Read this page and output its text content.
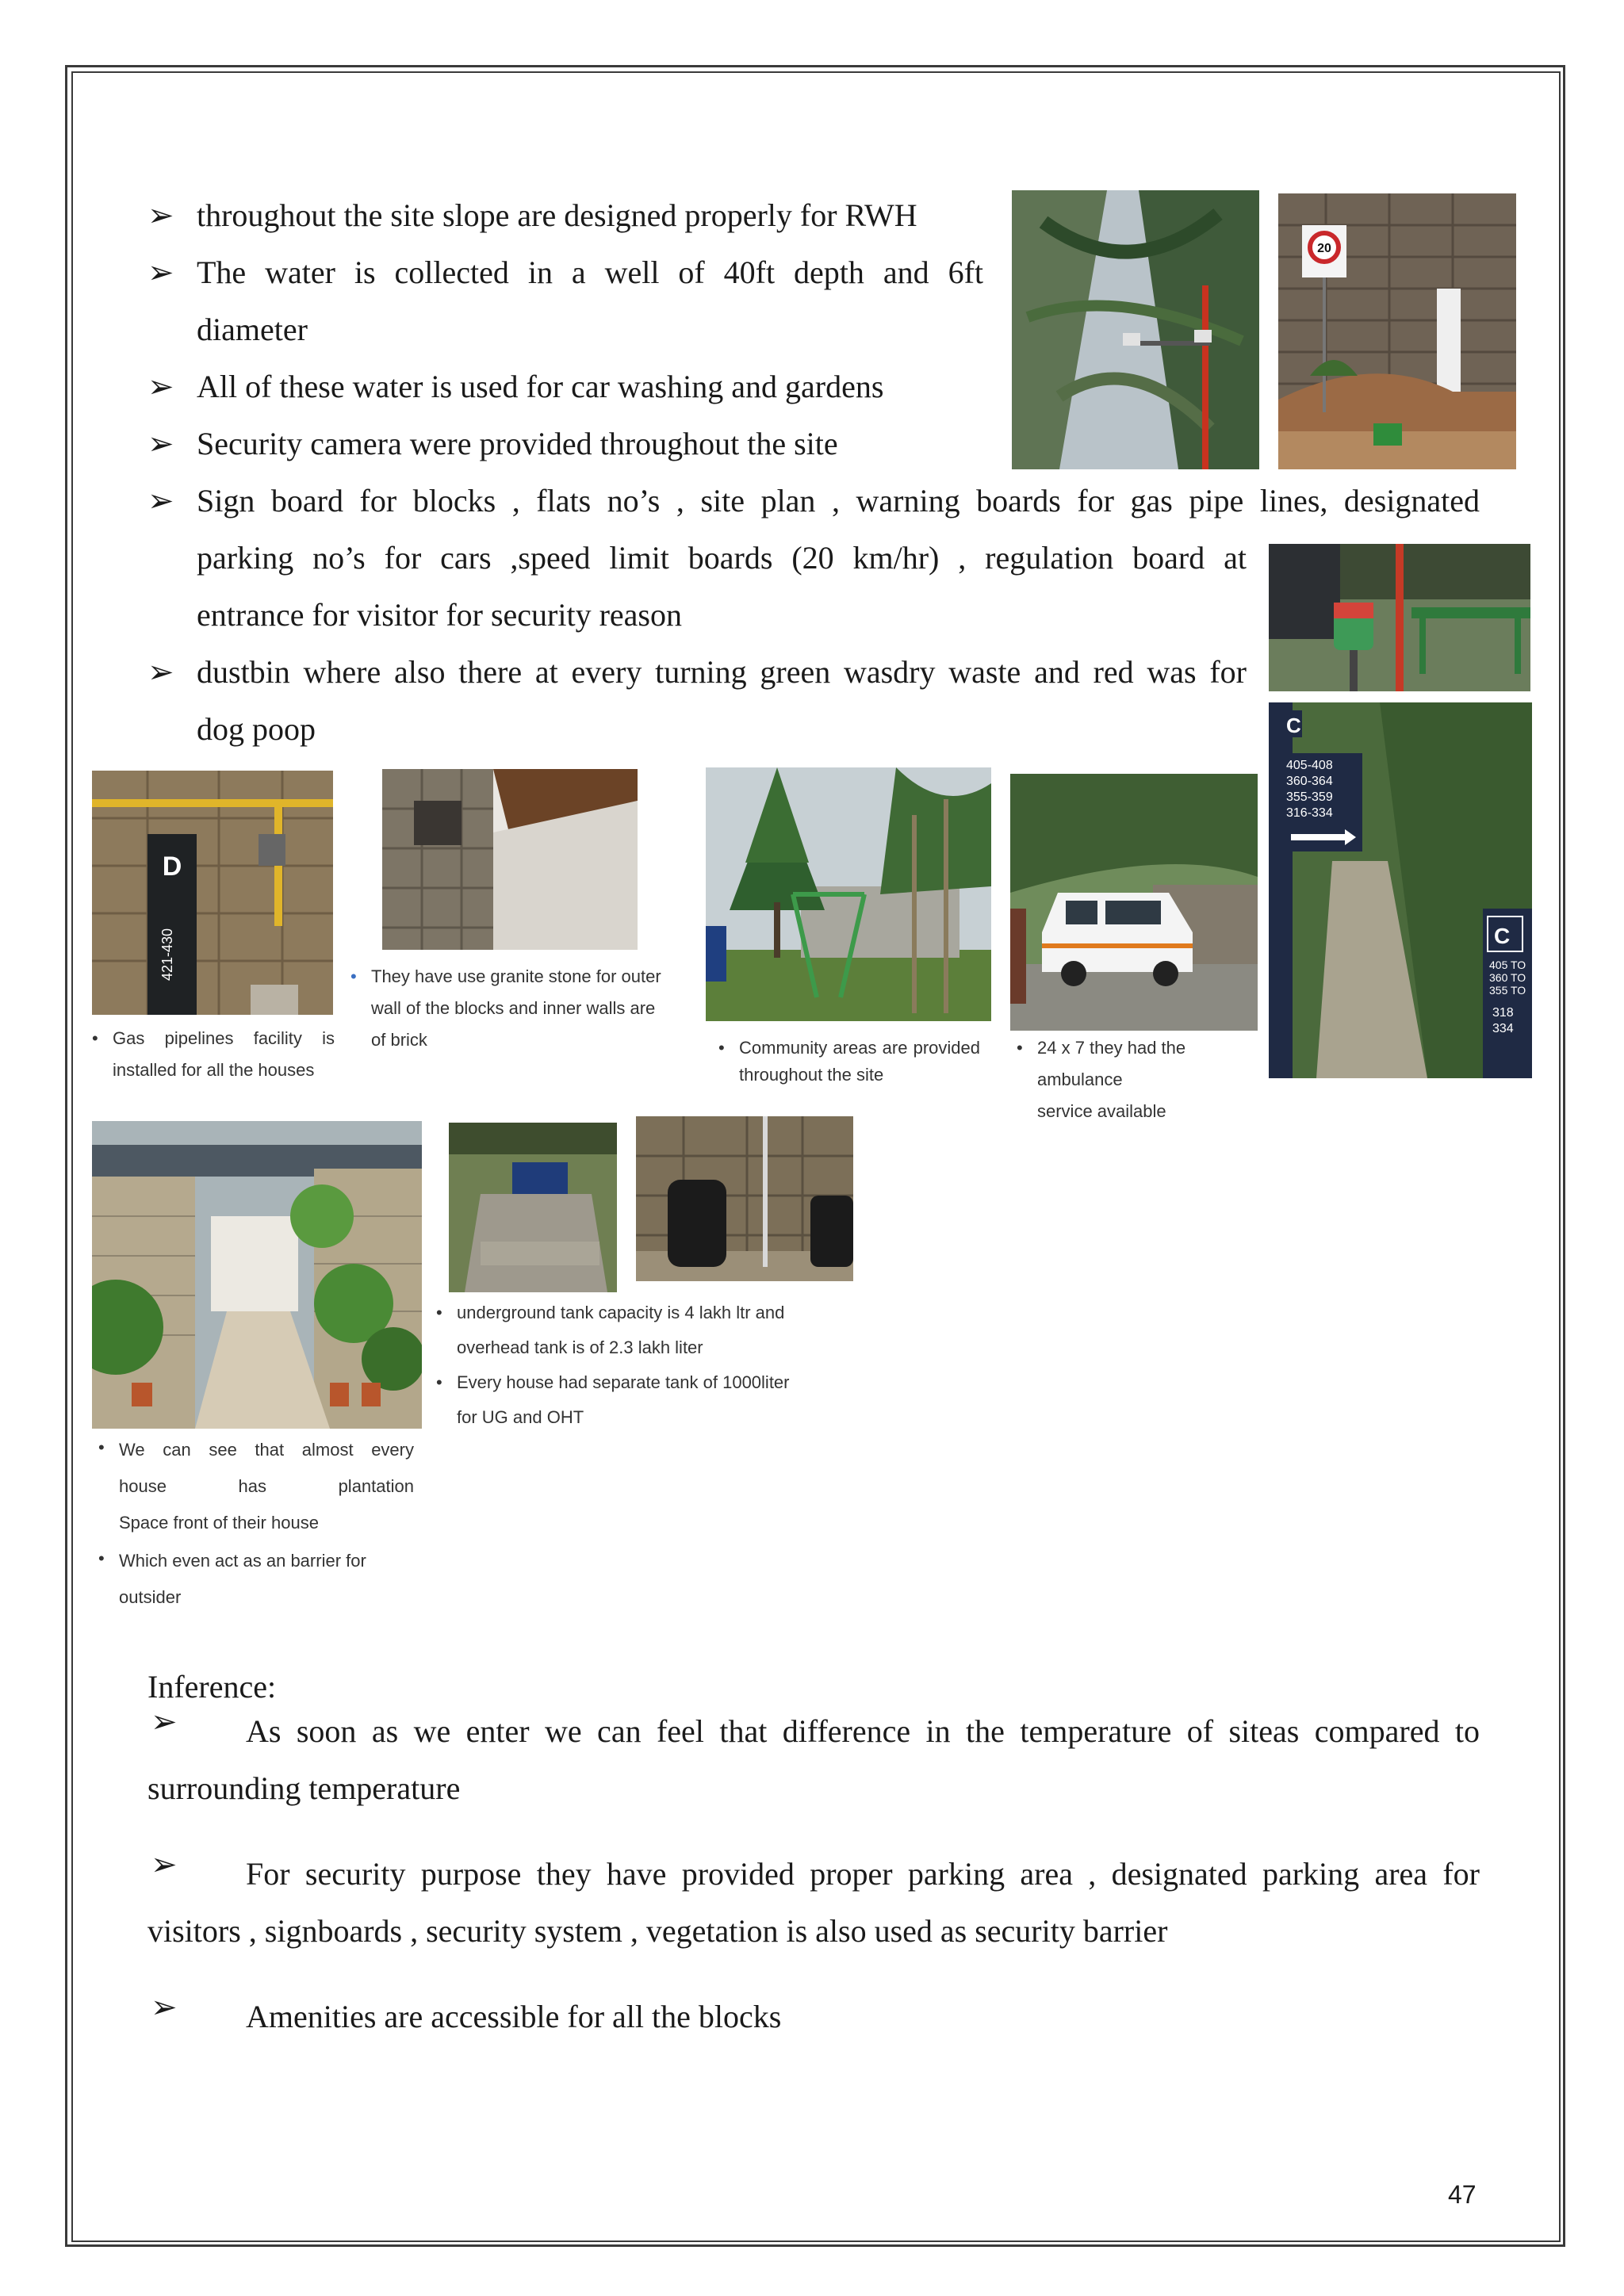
➢ throughout the site slope are designed properly for RWH
➢ The water is collected in a well of 40ft depth and 6ft
diameter
➢ All of these water is used for car washing and gardens
➢ Security camera were provided throughout the site
➢ Sign board for blocks , flats no’s , site plan , warning boards for gas pipe lines, designated
parking no’s for cars ,speed limit boards (20 km/hr) , regulation board at
entrance for visitor for security reason
➢ dustbin where also there at every turning green wasdry waste and red was for
dog poop
20
D
421-430
• Gas pipelines facility is
installed for all the houses
• They have use granite stone for outer
wall of the blocks and inner walls are
of brick	• Community areas are provided
throughout the site
• 24 x 7 they had the ambulance
service available
C
405-408
360-364
355-359
316-334
C
405 TO
360 TO
355 TO
318
334
• We can see that almost every
house has plantation
Space front of their house
• Which even act as an barrier for
outsider
• underground tank capacity is 4 lakh ltr and
overhead tank is of 2.3 lakh liter
• Every house had separate tank of 1000liter
for UG and OHT
Inference:
➢ As soon as we enter we can feel that difference in the temperature of siteas compared to
surrounding temperature
➢ For security purpose they have provided proper parking area , designated parking area for
visitors , signboards , security system , vegetation is also used as security barrier
➢ Amenities are accessible for all the blocks
47
